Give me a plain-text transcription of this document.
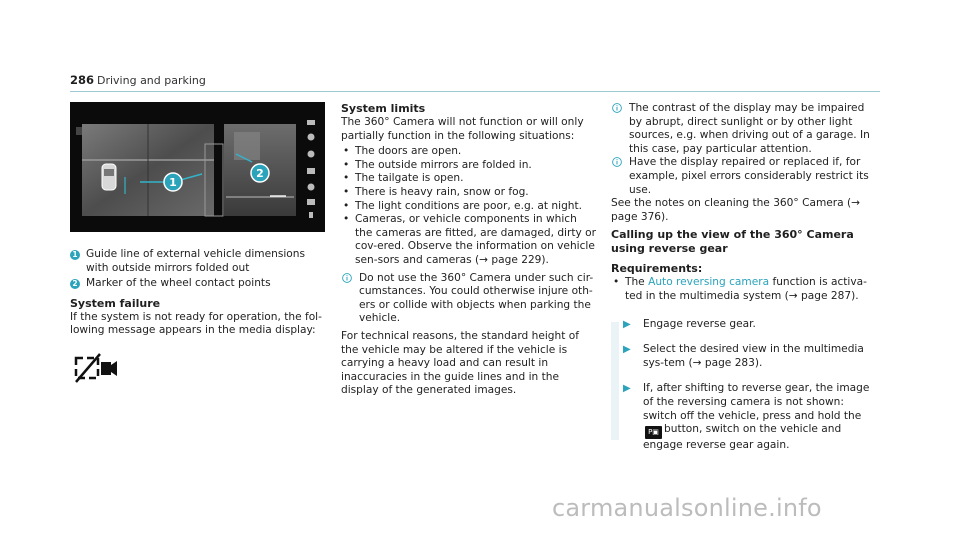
286 Driving and parking
1
2
1 Guide line of external vehicle dimensions with outside mirrors folded out
2 Marker of the wheel contact points
System failure

If the system is not ready for operation, the fol-lowing message appears in the media display:

System limits

The 360° Camera will not function or will only partially function in the following situations:

• The doors are open.
• The outside mirrors are folded in.
• The tailgate is open.
• There is heavy rain, snow or fog.
• The light conditions are poor, e.g. at night.
• Cameras, or vehicle components in which the cameras are fitted, are damaged, dirty or cov-ered. Observe the information on vehicle sen-sors and cameras (→ page 229).
Do not use the 360° Camera under such cir-cumstances. You could otherwise injure oth-ers or collide with objects when parking the vehicle.

For technical reasons, the standard height of the vehicle may be altered if the vehicle is carrying a heavy load and can result in inaccuracies in the guide lines and in the display of the generated images.

The contrast of the display may be impaired by abrupt, direct sunlight or by other light sources, e.g. when driving out of a garage. In this case, pay particular attention.
Have the display repaired or replaced if, for example, pixel errors considerably restrict its use.

See the notes on cleaning the 360° Camera (→ page 376).

Calling up the view of the 360° Camera using reverse gear
Requirements:
• The Auto reversing camera function is activa-ted in the multimedia system (→ page 287).
▶	Engage reverse gear.
▶	Select the desired view in the multimedia sys-tem (→ page 283).
▶	If, after shifting to reverse gear, the image of the reversing camera is not shown: switch off the vehicle, press and hold theP▣ button, switch on the vehicle and engage reverse gear again.
carmanualsonline.info
